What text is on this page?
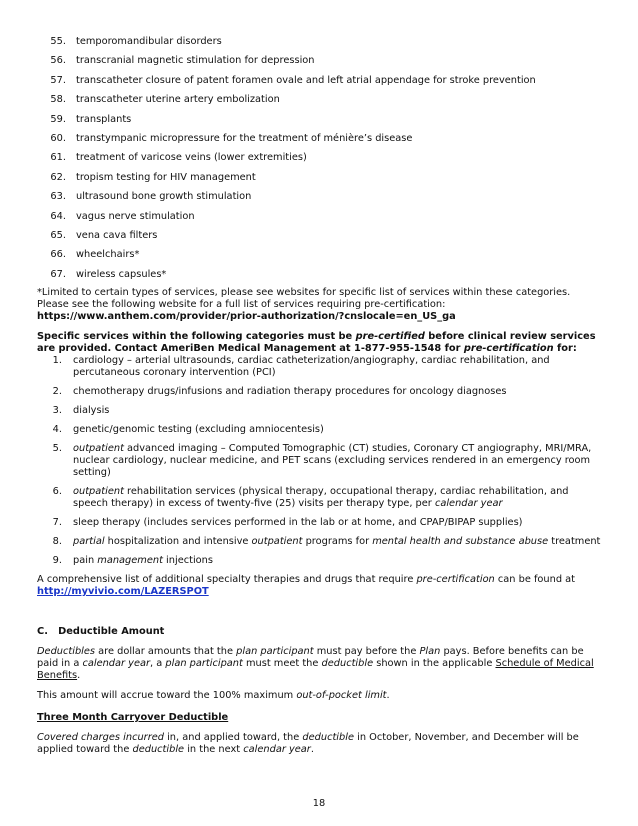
55. temporomandibular disorders
56. transcranial magnetic stimulation for depression
57. transcatheter closure of patent foramen ovale and left atrial appendage for stroke prevention
58. transcatheter uterine artery embolization
59. transplants
60. transtympanic micropressure for the treatment of ménière’s disease
61. treatment of varicose veins (lower extremities)
62. tropism testing for HIV management
63. ultrasound bone growth stimulation
64. vagus nerve stimulation
65. vena cava filters
66. wheelchairs*
67. wireless capsules*

*Limited to certain types of services, please see websites for specific list of services within these categories. Please see the following website for a full list of services requiring pre-certification: https://www.anthem.com/provider/prior-authorization/?cnslocale=en_US_ga

Specific services within the following categories must be pre-certified before clinical review services are provided. Contact AmeriBen Medical Management at 1-877-955-1548 for pre-certification for:

1. cardiology – arterial ultrasounds, cardiac catheterization/angiography, cardiac rehabilitation, and percutaneous coronary intervention (PCI)
2. chemotherapy drugs/infusions and radiation therapy procedures for oncology diagnoses
3. dialysis
4. genetic/genomic testing (excluding amniocentesis)
5. outpatient advanced imaging – Computed Tomographic (CT) studies, Coronary CT angiography, MRI/MRA, nuclear cardiology, nuclear medicine, and PET scans (excluding services rendered in an emergency room setting)
6. outpatient rehabilitation services (physical therapy, occupational therapy, cardiac rehabilitation, and speech therapy) in excess of twenty-five (25) visits per therapy type, per calendar year
7. sleep therapy (includes services performed in the lab or at home, and CPAP/BIPAP supplies)
8. partial hospitalization and intensive outpatient programs for mental health and substance abuse treatment
9. pain management injections

A comprehensive list of additional specialty therapies and drugs that require pre-certification can be found at
http://myvivio.com/LAZERSPOT

C. Deductible Amount

Deductibles are dollar amounts that the plan participant must pay before the Plan pays. Before benefits can be paid in a calendar year, a plan participant must meet the deductible shown in the applicable Schedule of Medical Benefits.

This amount will accrue toward the 100% maximum out-of-pocket limit.

Three Month Carryover Deductible

Covered charges incurred in, and applied toward, the deductible in October, November, and December will be applied toward the deductible in the next calendar year.

18
